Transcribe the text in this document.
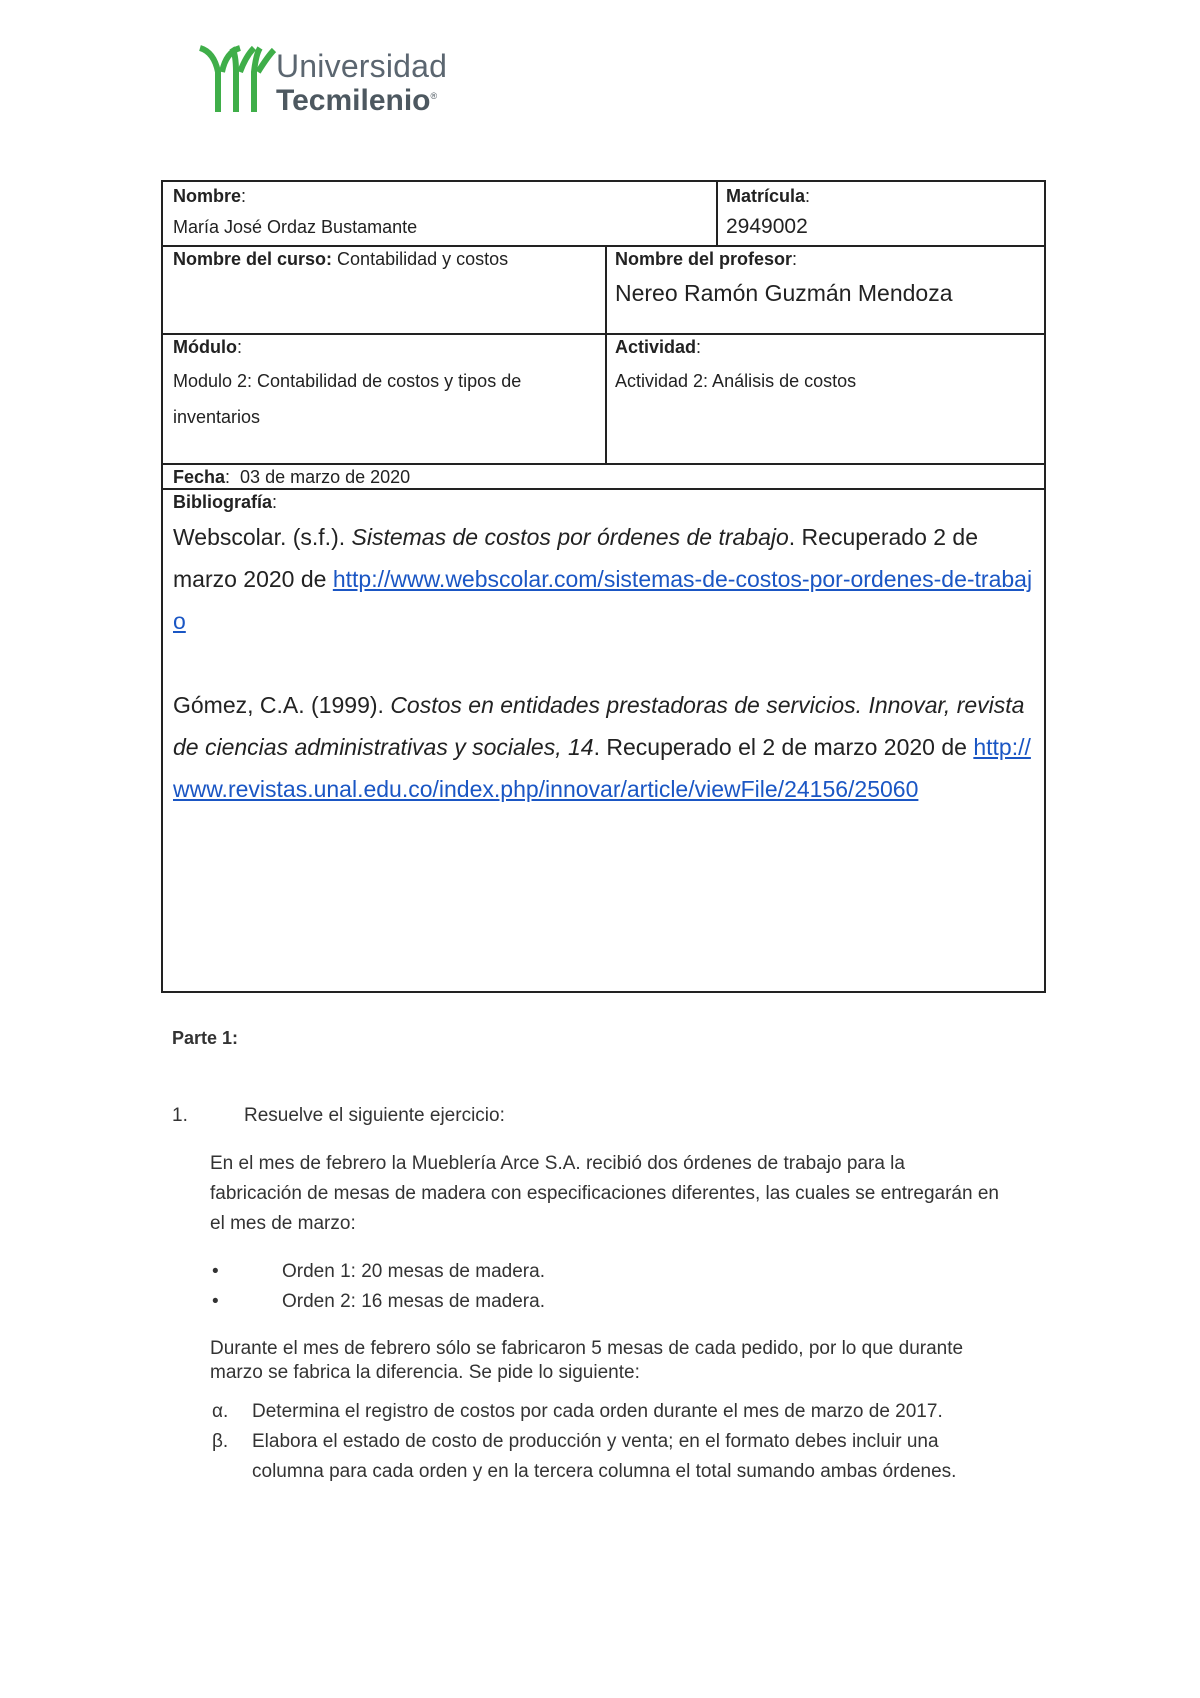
Universidad
Tecmilenio®
Nombre:
María José Ordaz Bustamante
Matrícula:
2949002
Nombre del curso: Contabilidad y costos	Nombre del profesor:
Nereo Ramón Guzmán Mendoza
Módulo:
Modulo 2: Contabilidad de costos y tipos de inventarios
Actividad:
Actividad 2: Análisis de costos
Fecha:  03 de marzo de 2020
Bibliografía:
Webscolar. (s.f.). Sistemas de costos por órdenes de trabajo. Recuperado 2 de marzo 2020 de http://www.webscolar.com/sistemas-de-costos-por-ordenes-de-trabajo
Gómez, C.A. (1999). Costos en entidades prestadoras de servicios. Innovar, revista de ciencias administrativas y sociales, 14. Recuperado el 2 de marzo 2020 de http://www.revistas.unal.edu.co/index.php/innovar/article/viewFile/24156/25060
Parte 1:
1.	Resuelve el siguiente ejercicio:
En el mes de febrero la Mueblería Arce S.A. recibió dos órdenes de trabajo para la fabricación de mesas de madera con especificaciones diferentes, las cuales se entregarán en el mes de marzo:
•	Orden 1: 20 mesas de madera.
•	Orden 2: 16 mesas de madera.
Durante el mes de febrero sólo se fabricaron 5 mesas de cada pedido, por lo que durante marzo se fabrica la diferencia. Se pide lo siguiente:
α.	Determina el registro de costos por cada orden durante el mes de marzo de 2017.
β.	Elabora el estado de costo de producción y venta; en el formato debes incluir una columna para cada orden y en la tercera columna el total sumando ambas órdenes.
